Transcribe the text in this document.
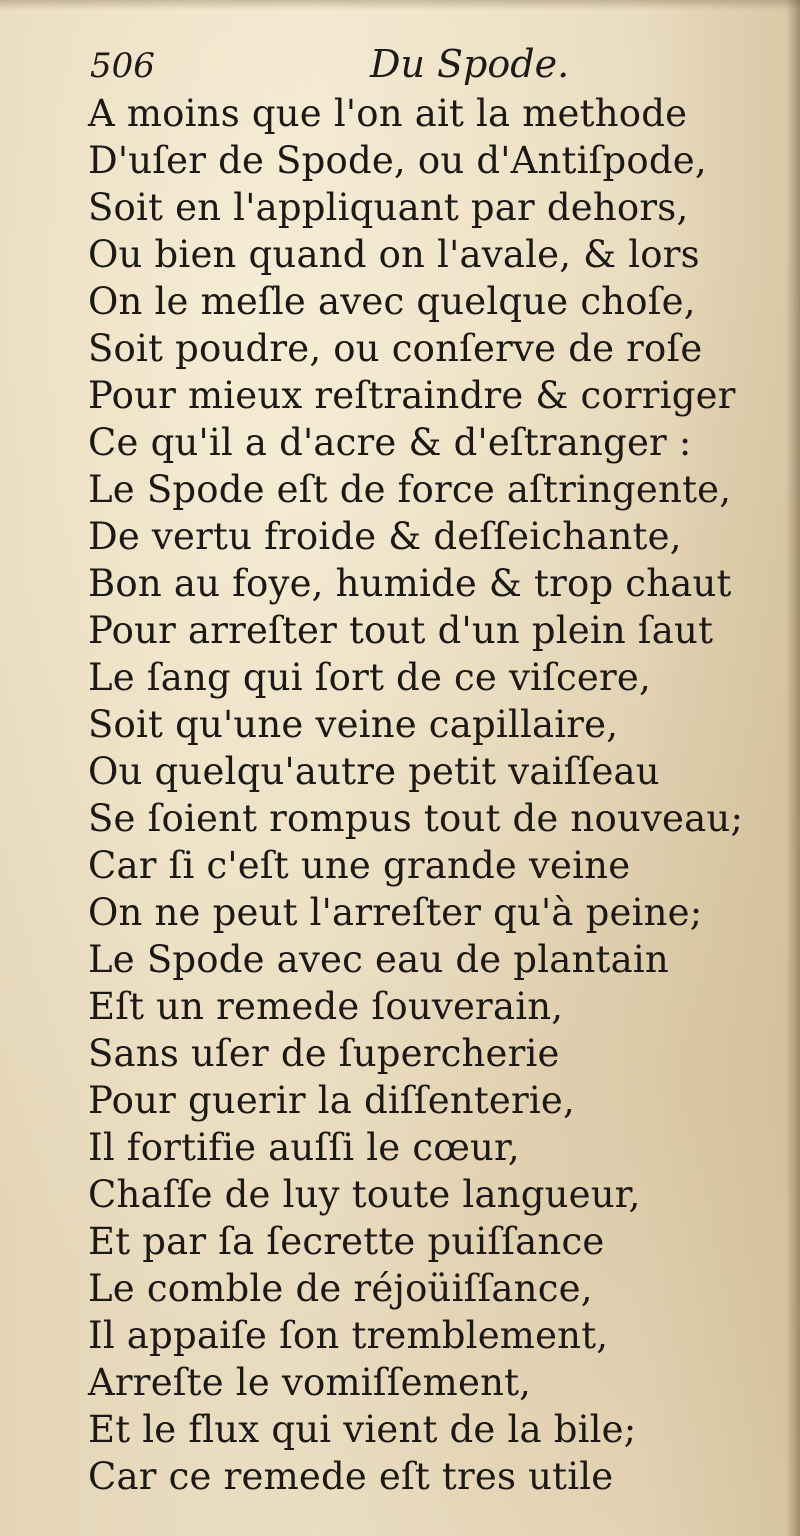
506	Du Spode.
A moins que l'on ait la methode
D'uſer de Spode, ou d'Antiſpode,
Soit en l'appliquant par dehors,
Ou bien quand on l'avale, & lors
On le meſle avec quelque choſe,
Soit poudre, ou conſerve de roſe
Pour mieux reſtraindre & corriger
Ce qu'il a d'acre & d'eſtranger :
Le Spode eſt de force aſtringente,
De vertu froide & deſſeichante,
Bon au foye, humide & trop chaut
Pour arreſter tout d'un plein ſaut
Le ſang qui ſort de ce viſcere,
Soit qu'une veine capillaire,
Ou quelqu'autre petit vaiſſeau
Se ſoient rompus tout de nouveau;
Car ſi c'eſt une grande veine
On ne peut l'arreſter qu'à peine;
Le Spode avec eau de plantain
Eſt un remede ſouverain,
Sans uſer de ſupercherie
Pour guerir la diſſenterie,
Il fortifie auſſi le cœur,
Chaſſe de luy toute langueur,
Et par ſa ſecrette puiſſance
Le comble de réjoüiſſance,
Il appaiſe ſon tremblement,
Arreſte le vomiſſement,
Et le flux qui vient de la bile;
Car ce remede eſt tres utile
